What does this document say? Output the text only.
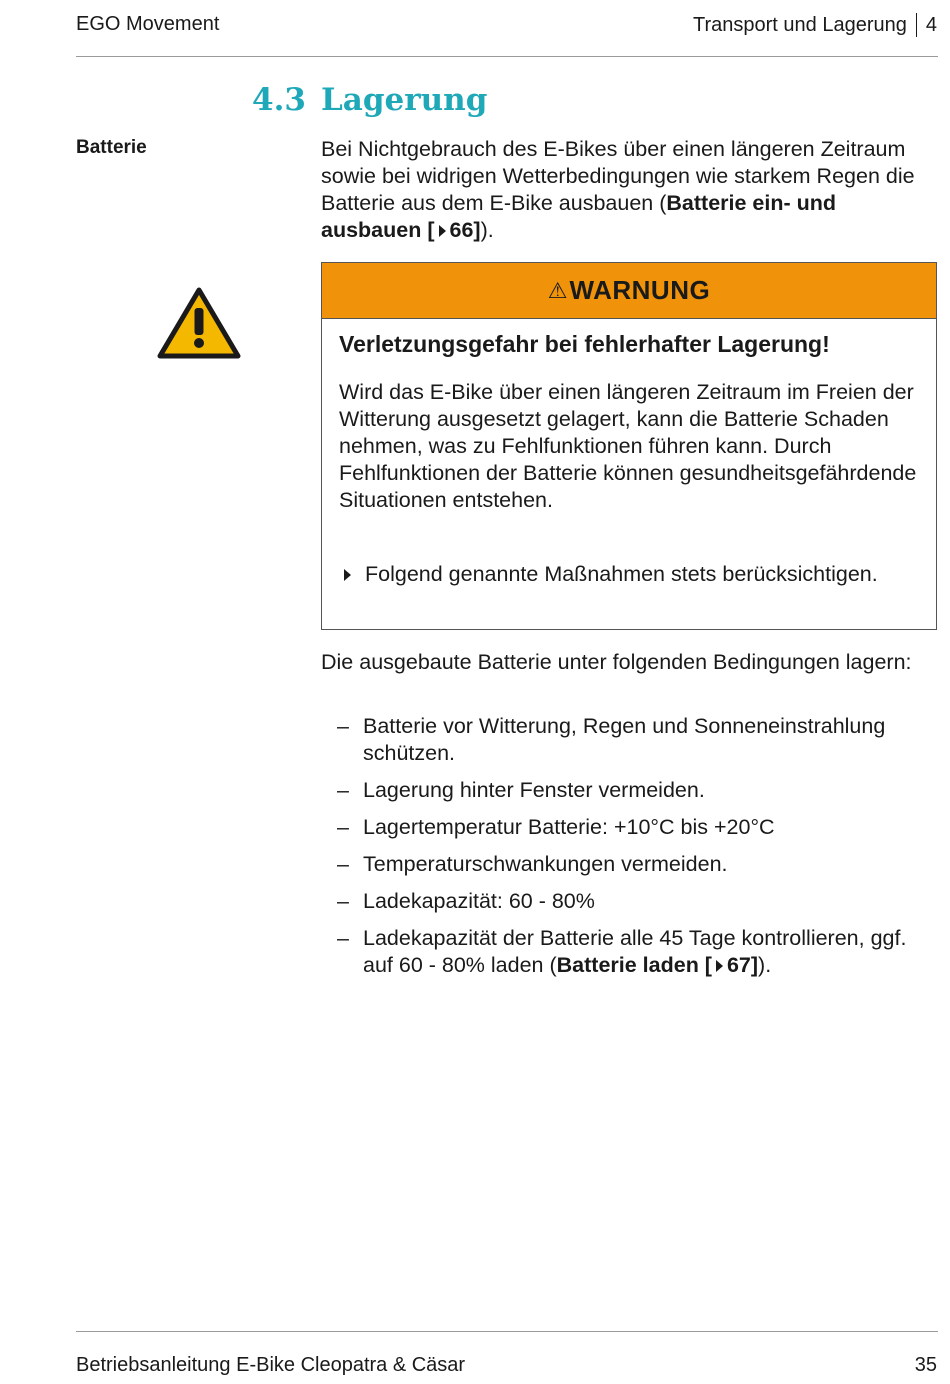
EGO Movement	Transport und Lagerung 4
4.3 Lagerung
Batterie	Bei Nichtgebrauch des E-Bikes über einen längeren Zeitraum sowie bei widrigen Wetterbedingungen wie starkem Regen die Batterie aus dem E-Bike ausbauen (Batterie ein- und ausbauen [ 66]).
⚠ WARNUNG
Verletzungsgefahr bei fehlerhafter Lagerung!
Wird das E-Bike über einen längeren Zeitraum im Freien der Witterung ausgesetzt gelagert, kann die Batterie Schaden nehmen, was zu Fehlfunktionen führen kann. Durch Fehlfunktionen der Batterie können gesundheitsgefährdende Situationen entstehen.
Folgend genannte Maßnahmen stets berücksichtigen.
Die ausgebaute Batterie unter folgenden Bedingungen lagern:
– Batterie vor Witterung, Regen und Sonneneinstrahlung schützen.
– Lagerung hinter Fenster vermeiden.
– Lagertemperatur Batterie: +10°C bis +20°C
– Temperaturschwankungen vermeiden.
– Ladekapazität: 60 - 80%
– Ladekapazität der Batterie alle 45 Tage kontrollieren, ggf. auf 60 - 80% laden (Batterie laden [ 67]).
Betriebsanleitung E-Bike Cleopatra & Cäsar	35
